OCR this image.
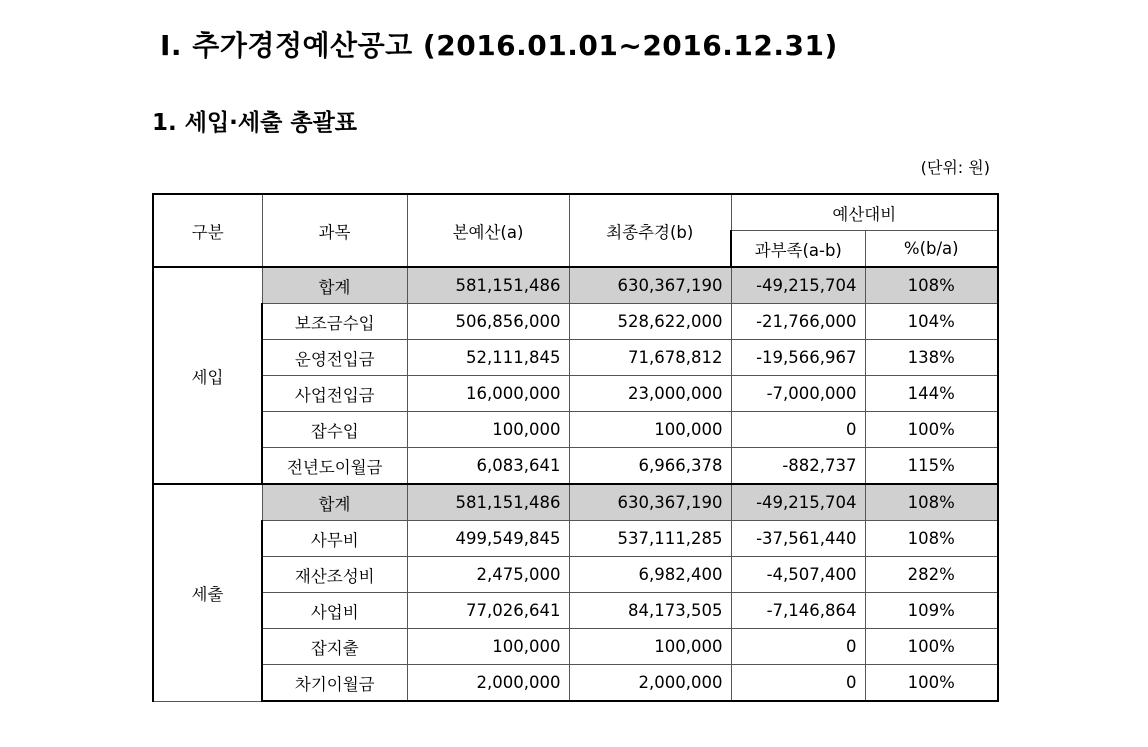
Ⅰ. 추가경정예산공고 (2016.01.01~2016.12.31)
1. 세입·세출 총괄표
(단위: 원)
구분	과목	본예산(a)	최종추경(b)	예산대비	
				과부족(a-b)	%(b/a)
세입	합계	581,151,486	630,367,190	-49,215,704	108%
	보조금수입	506,856,000	528,622,000	-21,766,000	104%
	운영전입금	52,111,845	71,678,812	-19,566,967	138%
	사업전입금	16,000,000	23,000,000	-7,000,000	144%
	잡수입	100,000	100,000	0	100%
	전년도이월금	6,083,641	6,966,378	-882,737	115%
세출	합계	581,151,486	630,367,190	-49,215,704	108%
	사무비	499,549,845	537,111,285	-37,561,440	108%
	재산조성비	2,475,000	6,982,400	-4,507,400	282%
	사업비	77,026,641	84,173,505	-7,146,864	109%
	잡지출	100,000	100,000	0	100%
	차기이월금	2,000,000	2,000,000	0	100%
